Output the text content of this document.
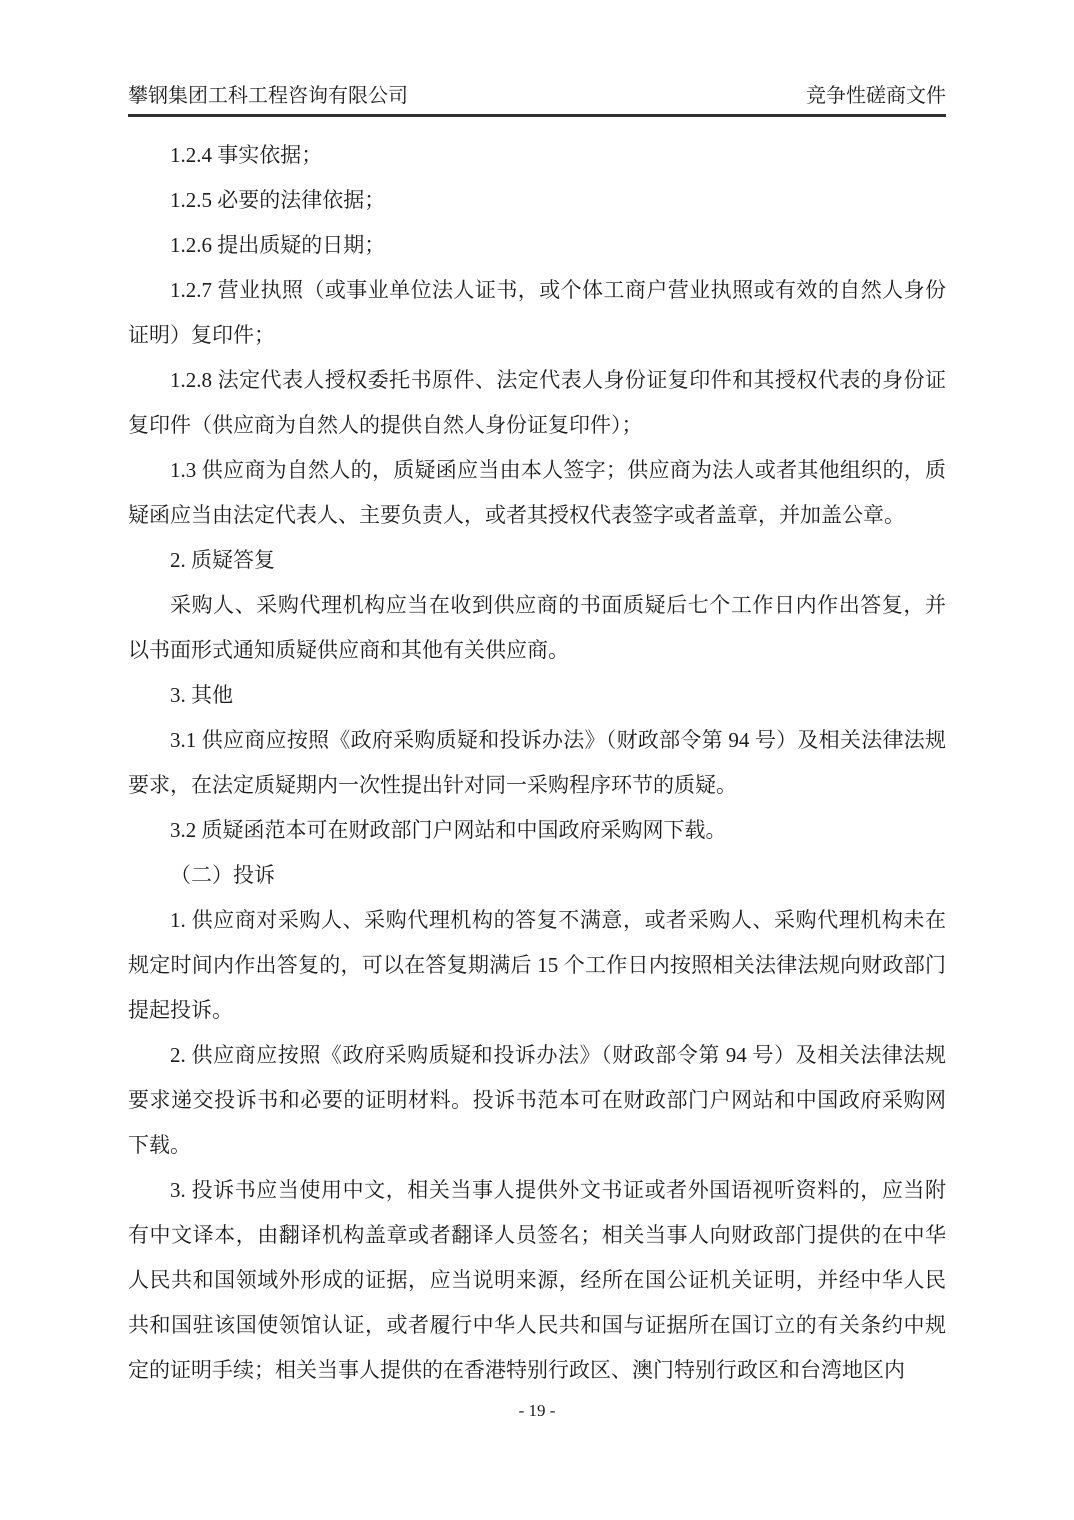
攀钢集团工科工程咨询有限公司	竞争性磋商文件

1.2.4 事实依据；

1.2.5 必要的法律依据；

1.2.6 提出质疑的日期；

1.2.7 营业执照（或事业单位法人证书，或个体工商户营业执照或有效的自然人身份证明）复印件；

1.2.8 法定代表人授权委托书原件、法定代表人身份证复印件和其授权代表的身份证复印件（供应商为自然人的提供自然人身份证复印件）；

1.3 供应商为自然人的，质疑函应当由本人签字；供应商为法人或者其他组织的，质疑函应当由法定代表人、主要负责人，或者其授权代表签字或者盖章，并加盖公章。

2. 质疑答复

采购人、采购代理机构应当在收到供应商的书面质疑后七个工作日内作出答复，并以书面形式通知质疑供应商和其他有关供应商。

3. 其他

3.1 供应商应按照《政府采购质疑和投诉办法》（财政部令第 94 号）及相关法律法规要求，在法定质疑期内一次性提出针对同一采购程序环节的质疑。

3.2 质疑函范本可在财政部门户网站和中国政府采购网下载。

（二）投诉

1. 供应商对采购人、采购代理机构的答复不满意，或者采购人、采购代理机构未在规定时间内作出答复的，可以在答复期满后 15 个工作日内按照相关法律法规向财政部门提起投诉。

2. 供应商应按照《政府采购质疑和投诉办法》（财政部令第 94 号）及相关法律法规要求递交投诉书和必要的证明材料。投诉书范本可在财政部门户网站和中国政府采购网下载。

3. 投诉书应当使用中文，相关当事人提供外文书证或者外国语视听资料的，应当附有中文译本，由翻译机构盖章或者翻译人员签名；相关当事人向财政部门提供的在中华人民共和国领域外形成的证据，应当说明来源，经所在国公证机关证明，并经中华人民共和国驻该国使领馆认证，或者履行中华人民共和国与证据所在国订立的有关条约中规定的证明手续；相关当事人提供的在香港特别行政区、澳门特别行政区和台湾地区内

- 19 -
